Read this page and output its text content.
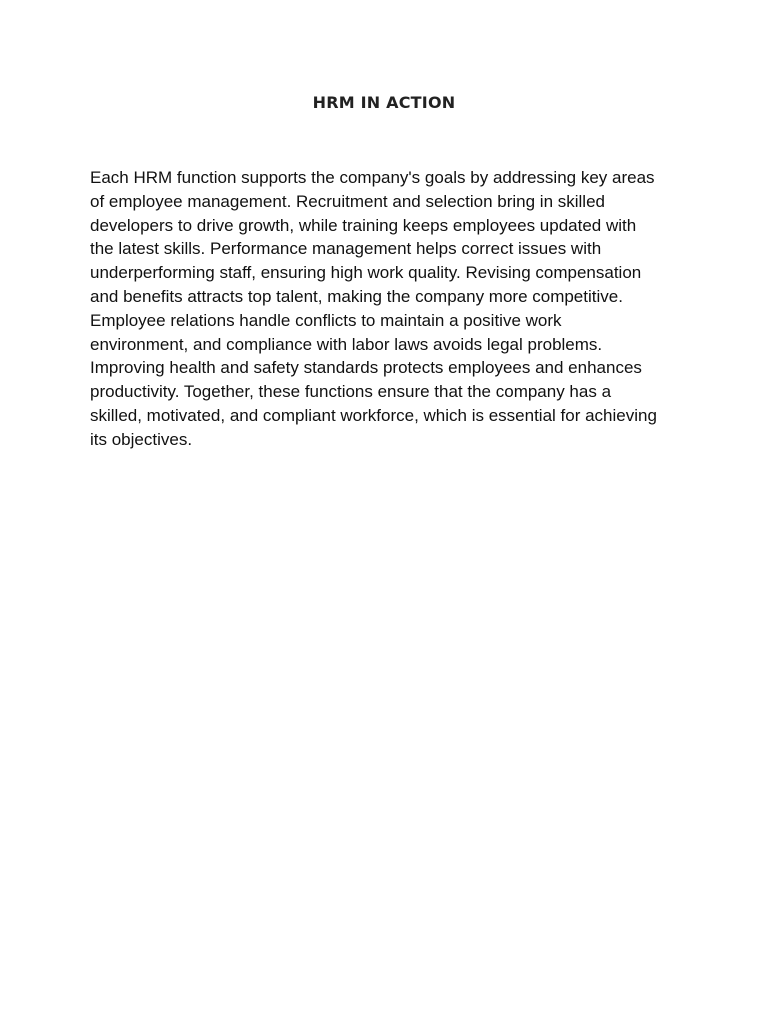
HRM IN ACTION

Each HRM function supports the company's goals by addressing key areas
of employee management. Recruitment and selection bring in skilled
developers to drive growth, while training keeps employees updated with
the latest skills. Performance management helps correct issues with
underperforming staff, ensuring high work quality. Revising compensation
and benefits attracts top talent, making the company more competitive.
Employee relations handle conflicts to maintain a positive work
environment, and compliance with labor laws avoids legal problems.
Improving health and safety standards protects employees and enhances
productivity. Together, these functions ensure that the company has a
skilled, motivated, and compliant workforce, which is essential for achieving
its objectives.
